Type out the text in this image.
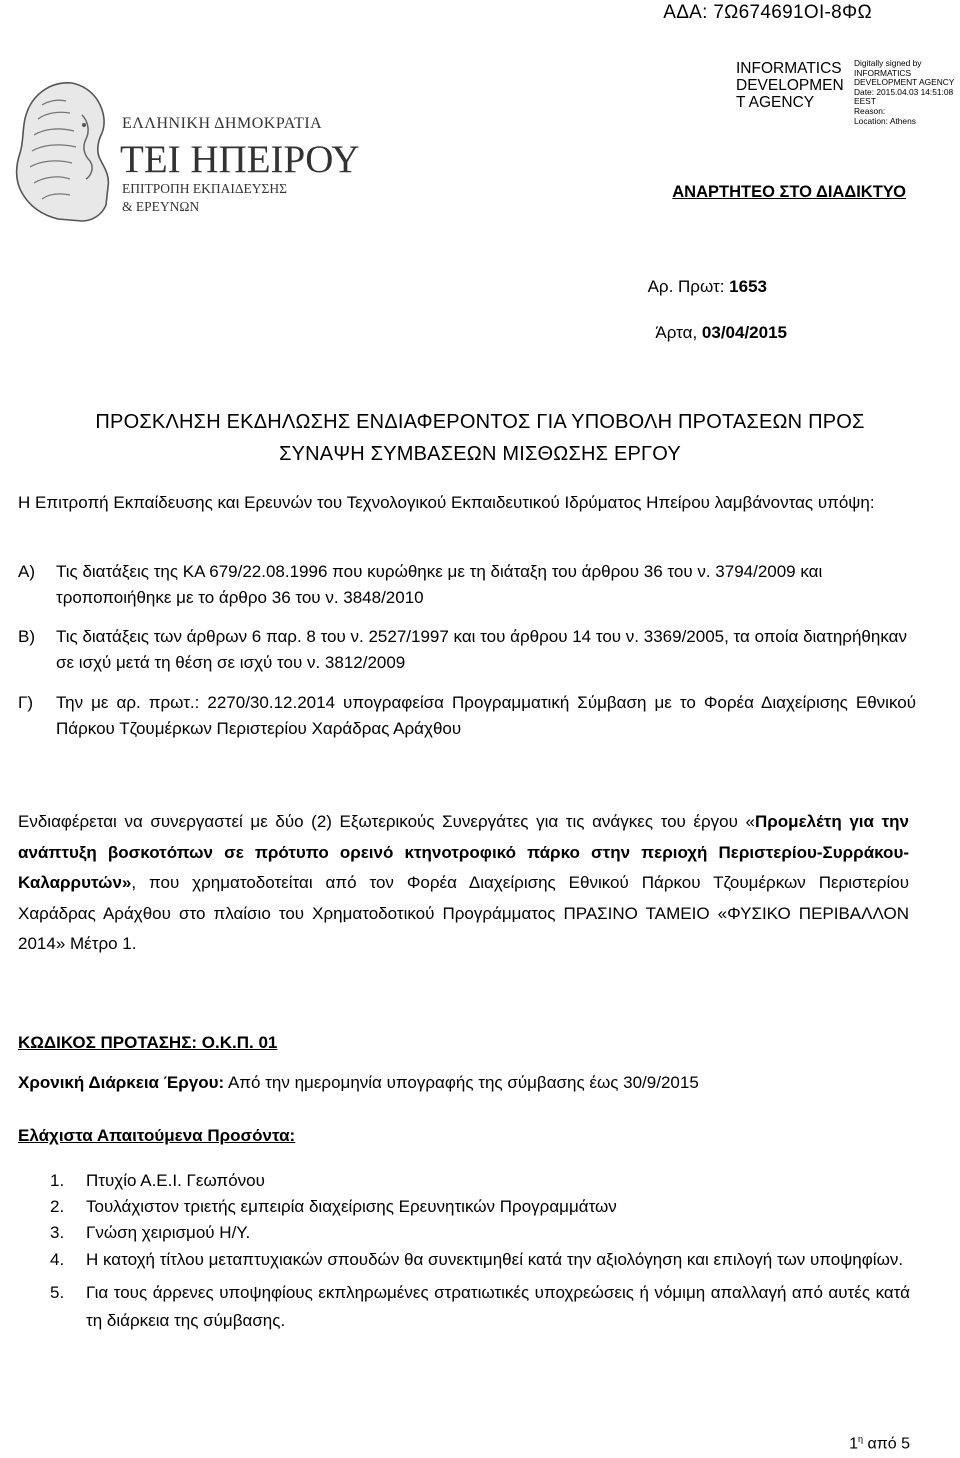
ΑΔΑ: 7Ω674691ΟΙ-8ΦΩ
INFORMATICS
DEVELOPMEN
T AGENCY
Digitally signed by
INFORMATICS
DEVELOPMENT AGENCY
Date: 2015.04.03 14:51:08
EEST
Reason:
Location: Athens
ΕΛΛΗΝΙΚΗ ΔΗΜΟΚΡΑΤΙΑ
ΤΕΙ ΗΠΕΙΡΟΥ
ΕΠΙΤΡΟΠΗ ΕΚΠΑΙΔΕΥΣΗΣ
& ΕΡΕΥΝΩΝ
ΑΝΑΡΤΗΤΕΟ ΣΤΟ ΔΙΑΔΙΚΤΥΟ
Αρ. Πρωτ: 1653
Άρτα, 03/04/2015
ΠΡΟΣΚΛΗΣΗ ΕΚΔΗΛΩΣΗΣ ΕΝΔΙΑΦΕΡΟΝΤΟΣ ΓΙΑ ΥΠΟΒΟΛΗ ΠΡΟΤΑΣΕΩΝ ΠΡΟΣ
ΣΥΝΑΨΗ ΣΥΜΒΑΣΕΩΝ ΜΙΣΘΩΣΗΣ ΕΡΓΟΥ
Η Επιτροπή Εκπαίδευσης και Ερευνών του Τεχνολογικού Εκπαιδευτικού Ιδρύματος Ηπείρου λαμβάνοντας υπόψη:
Α) Τις διατάξεις της ΚΑ 679/22.08.1996 που κυρώθηκε με τη διάταξη του άρθρου 36 του ν. 3794/2009 και τροποποιήθηκε με το άρθρο 36 του ν. 3848/2010
Β) Τις διατάξεις των άρθρων 6 παρ. 8 του ν. 2527/1997 και του άρθρου 14 του ν. 3369/2005, τα οποία διατηρήθηκαν σε ισχύ μετά τη θέση σε ισχύ του ν. 3812/2009
Γ) Την με αρ. πρωτ.: 2270/30.12.2014 υπογραφείσα Προγραμματική Σύμβαση με το Φορέα Διαχείρισης Εθνικού Πάρκου Τζουμέρκων Περιστερίου Χαράδρας Αράχθου
Ενδιαφέρεται να συνεργαστεί με δύο (2) Εξωτερικούς Συνεργάτες για τις ανάγκες του έργου «Προμελέτη για την ανάπτυξη βοσκοτόπων σε πρότυπο ορεινό κτηνοτροφικό πάρκο στην περιοχή Περιστερίου-Συρράκου-Καλαρρυτών», που χρηματοδοτείται από τον Φορέα Διαχείρισης Εθνικού Πάρκου Τζουμέρκων Περιστερίου Χαράδρας Αράχθου στο πλαίσιο του Χρηματοδοτικού Προγράμματος ΠΡΑΣΙΝΟ ΤΑΜΕΙΟ «ΦΥΣΙΚΟ ΠΕΡΙΒΑΛΛΟΝ 2014» Μέτρο 1.
ΚΩΔΙΚΟΣ ΠΡΟΤΑΣΗΣ: Ο.Κ.Π. 01
Χρονική Διάρκεια Έργου: Από την ημερομηνία υπογραφής της σύμβασης έως 30/9/2015
Ελάχιστα Απαιτούμενα Προσόντα:
1. Πτυχίο Α.Ε.Ι. Γεωπόνου
2. Τουλάχιστον τριετής εμπειρία διαχείρισης Ερευνητικών Προγραμμάτων
3. Γνώση χειρισμού Η/Υ.
4. Η κατοχή τίτλου μεταπτυχιακών σπουδών θα συνεκτιμηθεί κατά την αξιολόγηση και επιλογή των υποψηφίων.
5. Για τους άρρενες υποψηφίους εκπληρωμένες στρατιωτικές υποχρεώσεις ή νόμιμη απαλλαγή από αυτές κατά τη διάρκεια της σύμβασης.
$1^\eta$ από 5
